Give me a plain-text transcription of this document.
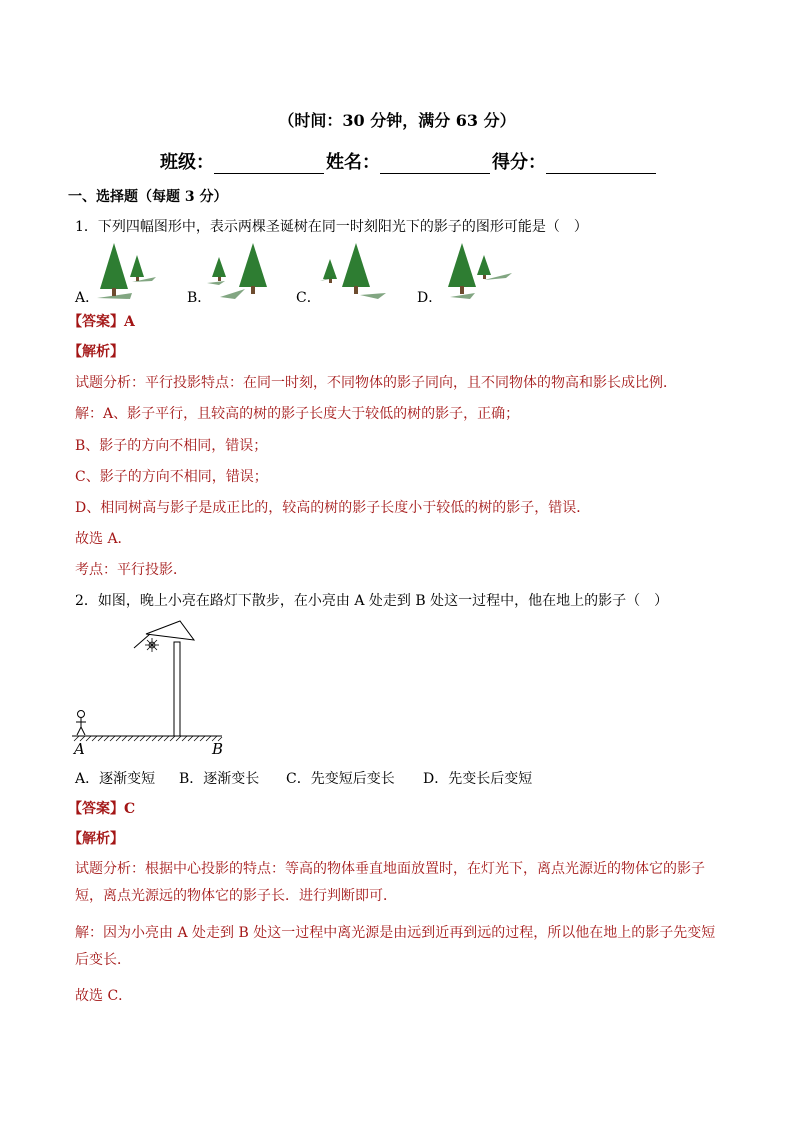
（时间：30 分钟，满分 63 分）
班级：	姓名：	得分：
一、选择题（每题 3 分）
1．下列四幅图形中，表示两棵圣诞树在同一时刻阳光下的影子的图形可能是（　）
A．	B．	C．	D．
【答案】A
【解析】
试题分析：平行投影特点：在同一时刻，不同物体的影子同向，且不同物体的物高和影长成比例．
解：A、影子平行，且较高的树的影子长度大于较低的树的影子，正确；
B、影子的方向不相同，错误；
C、影子的方向不相同，错误；
D、相同树高与影子是成正比的，较高的树的影子长度小于较低的树的影子，错误．
故选 A．
考点：平行投影．
2．如图，晚上小亮在路灯下散步，在小亮由 A 处走到 B 处这一过程中，他在地上的影子（　）
A	B
A．逐渐变短 B．逐渐变长 C．先变短后变长 D．先变长后变短
【答案】C
【解析】
试题分析：根据中心投影的特点：等高的物体垂直地面放置时，在灯光下，离点光源近的物体它的影子短，离点光源远的物体它的影子长．进行判断即可．
解：因为小亮由 A 处走到 B 处这一过程中离光源是由远到近再到远的过程，所以他在地上的影子先变短后变长．
故选 C．
